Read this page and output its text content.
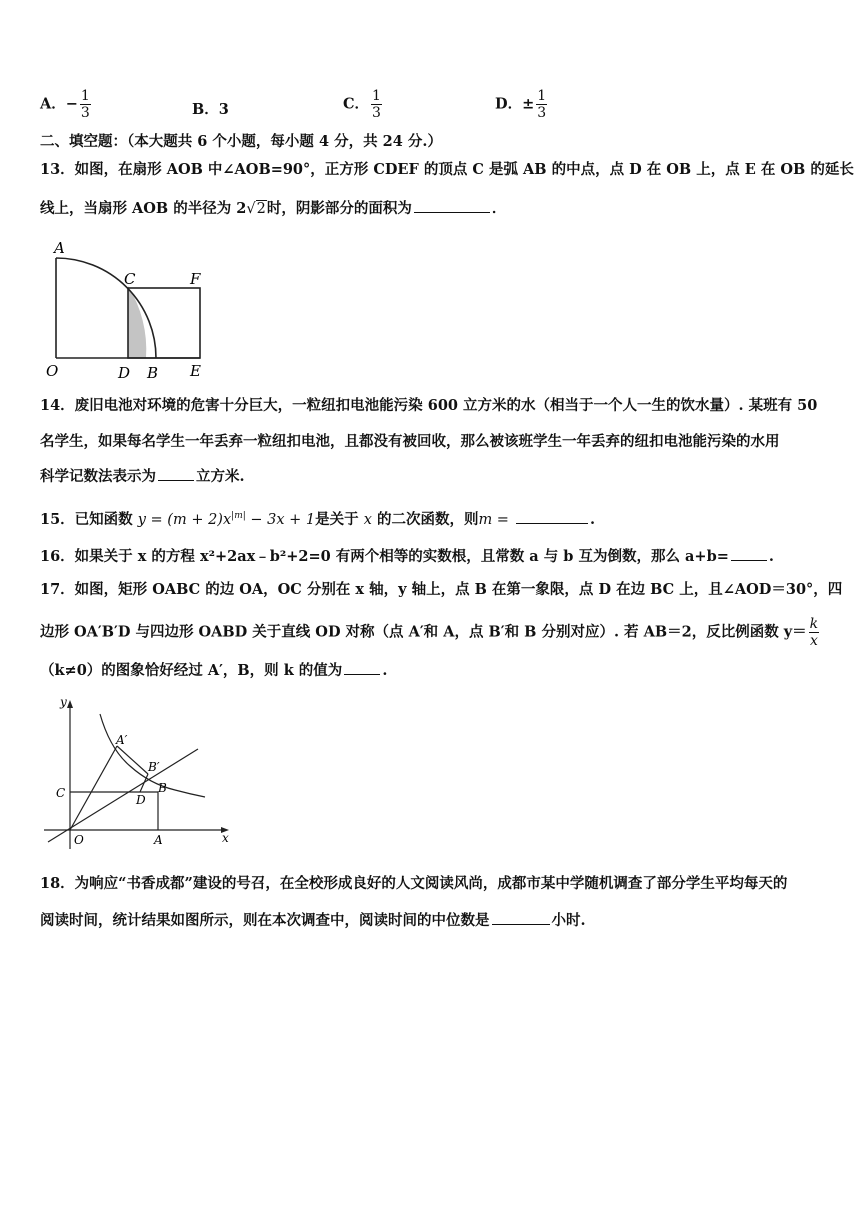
A．− $\frac{1}{3}$	B．3	C． $\frac{1}{3}$	D．± $\frac{1}{3}$
二、填空题：（本大题共 6 个小题，每小题 4 分，共 24 分.）
13．如图，在扇形 AOB 中∠AOB=90°，正方形 CDEF 的顶点 C 是弧 AB 的中点，点 D 在 OB 上，点 E 在 OB 的延长
线上，当扇形 AOB 的半径为 2√2时，阴影部分的面积为	．
A
C	F
O	D B E
14．废旧电池对环境的危害十分巨大，一粒纽扣电池能污染 600 立方米的水（相当于一个人一生的饮水量）. 某班有 50
名学生，如果每名学生一年丢弃一粒纽扣电池，且都没有被回收，那么被该班学生一年丢弃的纽扣电池能污染的水用
科学记数法表示为	立方米.
15．已知函数 $y = (m + 2)x^{|m|} - 3x + 1$是关于 x 的二次函数，则m =	.
16．如果关于 x 的方程 x²+2ax﹣b²+2=0 有两个相等的实数根，且常数 a 与 b 互为倒数，那么 a+b=	.
17．如图，矩形 OABC 的边 OA，OC 分别在 x 轴，y 轴上，点 B 在第一象限，点 D 在边 BC 上，且∠AOD＝30°，四
边形 OA′B′D 与四边形 OABD 关于直线 OD 对称（点 A′和 A，点 B′和 B 分别对应）. 若 AB＝2，反比例函数 $y= \frac{k}{x}$
（k≠0）的图象恰好经过 A′，B，则 k 的值为	.
y
x
O	A
B
C	D
A′
B′
18．为响应“书香成都”建设的号召，在全校形成良好的人文阅读风尚，成都市某中学随机调查了部分学生平均每天的
阅读时间，统计结果如图所示，则在本次调查中，阅读时间的中位数是	小时.
